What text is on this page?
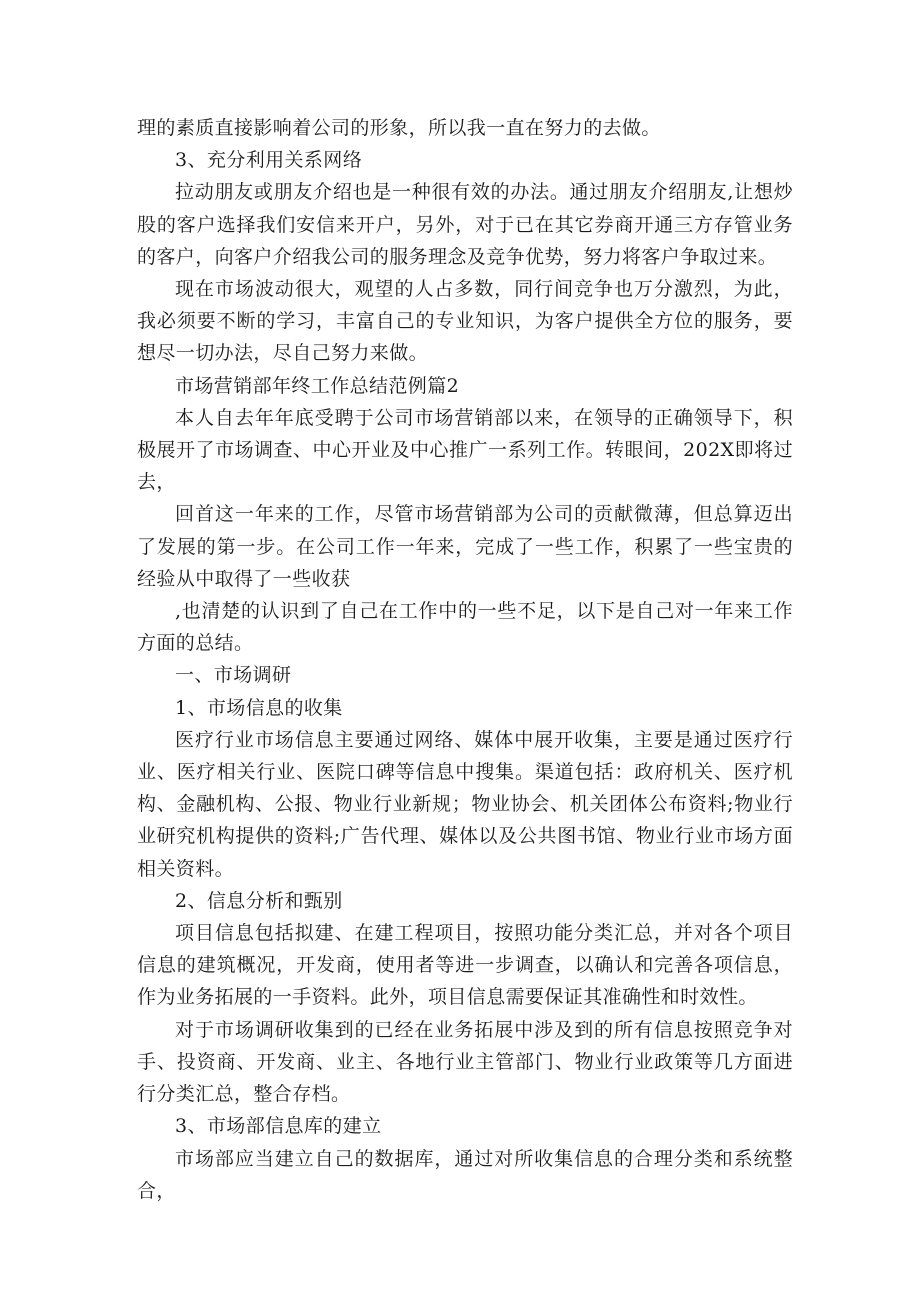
理的素质直接影响着公司的形象，所以我一直在努力的去做。

3、充分利用关系网络

拉动朋友或朋友介绍也是一种很有效的办法。通过朋友介绍朋友,让想炒股的客户选择我们安信来开户，另外，对于已在其它券商开通三方存管业务的客户，向客户介绍我公司的服务理念及竞争优势，努力将客户争取过来。

现在市场波动很大，观望的人占多数，同行间竞争也万分激烈，为此，我必须要不断的学习，丰富自己的专业知识，为客户提供全方位的服务，要想尽一切办法，尽自己努力来做。

市场营销部年终工作总结范例篇2

本人自去年年底受聘于公司市场营销部以来，在领导的正确领导下，积极展开了市场调查、中心开业及中心推广一系列工作。转眼间，202X即将过去，

回首这一年来的工作，尽管市场营销部为公司的贡献微薄，但总算迈出了发展的第一步。在公司工作一年来，完成了一些工作，积累了一些宝贵的经验从中取得了一些收获

,也清楚的认识到了自己在工作中的一些不足，以下是自己对一年来工作方面的总结。

一、市场调研

1、市场信息的收集

医疗行业市场信息主要通过网络、媒体中展开收集，主要是通过医疗行业、医疗相关行业、医院口碑等信息中搜集。渠道包括：政府机关、医疗机构、金融机构、公报、物业行业新规；物业协会、机关团体公布资料;物业行业研究机构提供的资料;广告代理、媒体以及公共图书馆、物业行业市场方面相关资料。

2、信息分析和甄别

项目信息包括拟建、在建工程项目，按照功能分类汇总，并对各个项目信息的建筑概况，开发商，使用者等进一步调查，以确认和完善各项信息，作为业务拓展的一手资料。此外，项目信息需要保证其准确性和时效性。

对于市场调研收集到的已经在业务拓展中涉及到的所有信息按照竞争对手、投资商、开发商、业主、各地行业主管部门、物业行业政策等几方面进行分类汇总，整合存档。

3、市场部信息库的建立

市场部应当建立自己的数据库，通过对所收集信息的合理分类和系统整合，
